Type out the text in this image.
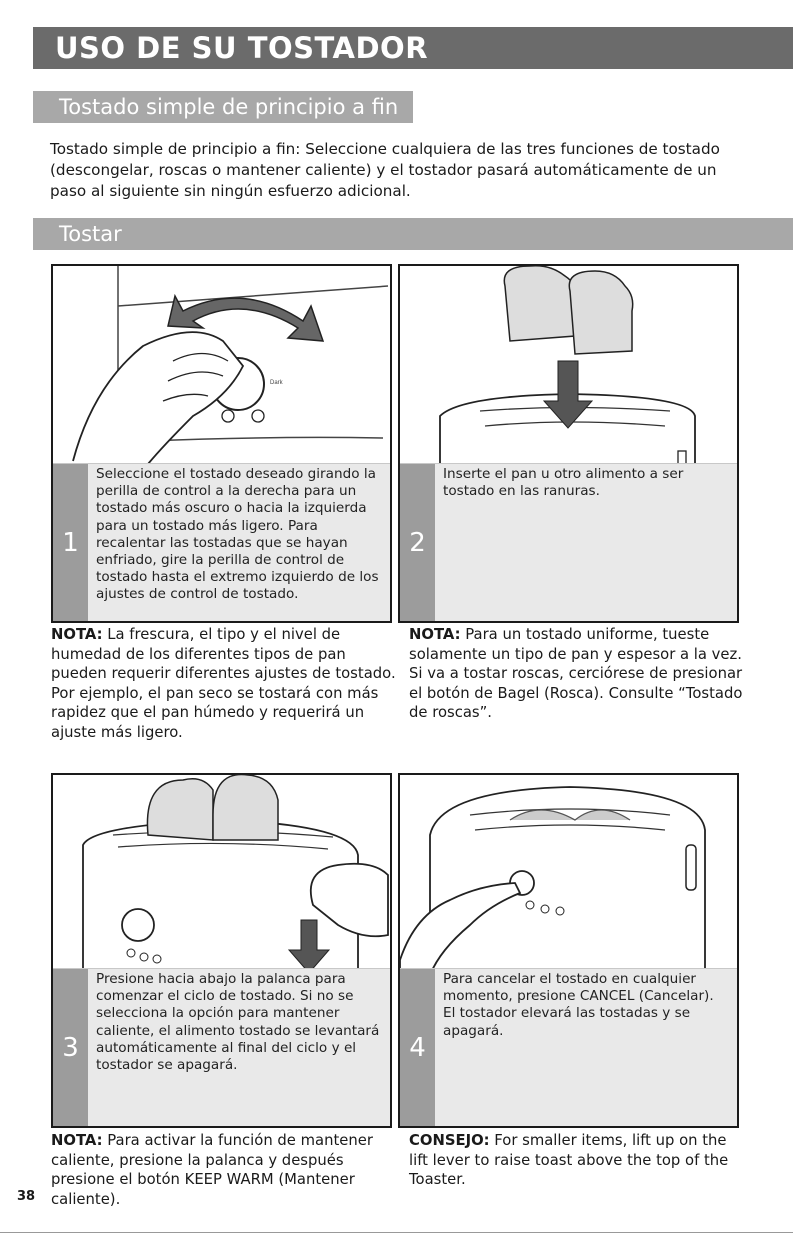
USO DE SU TOSTADOR
Tostado simple de principio a fin
Tostado simple de principio a fin: Seleccione cualquiera de las tres funciones de tostado (descongelar, roscas o mantener caliente) y el tostador pasará automáticamente de un paso al siguiente sin ningún esfuerzo adicional.
Tostar
Dark
1
Seleccione el tostado deseado girando la perilla de control a la derecha para un tostado más oscuro o hacia la izquierda para un tostado más ligero. Para recalentar las tostadas que se hayan enfriado, gire la perilla de control de tostado hasta el extremo izquierdo de los ajustes de control de tostado.
2
Inserte el pan u otro alimento a ser tostado en las ranuras.
NOTA: La frescura, el tipo y el nivel de humedad de los diferentes tipos de pan pueden requerir diferentes ajustes de tostado. Por ejemplo, el pan seco se tostará con más rapidez que el pan húmedo y requerirá un ajuste más ligero.
NOTA: Para un tostado uniforme, tueste solamente un tipo de pan y espesor a la vez. Si va a tostar roscas, cerciórese de presionar el botón de Bagel (Rosca). Consulte “Tostado de roscas”.
3
Presione hacia abajo la palanca para comenzar el ciclo de tostado. Si no se selecciona la opción para mantener caliente, el alimento tostado se levantará automáticamente al final del ciclo y el tostador se apagará.
4
Para cancelar el tostado en cualquier momento, presione CANCEL (Cancelar). El tostador elevará las tostadas y se apagará.
NOTA: Para activar la función de mantener caliente, presione la palanca y después presione el botón KEEP WARM (Mantener caliente).
CONSEJO: For smaller items, lift up on the lift lever to raise toast above the top of the Toaster.
38
